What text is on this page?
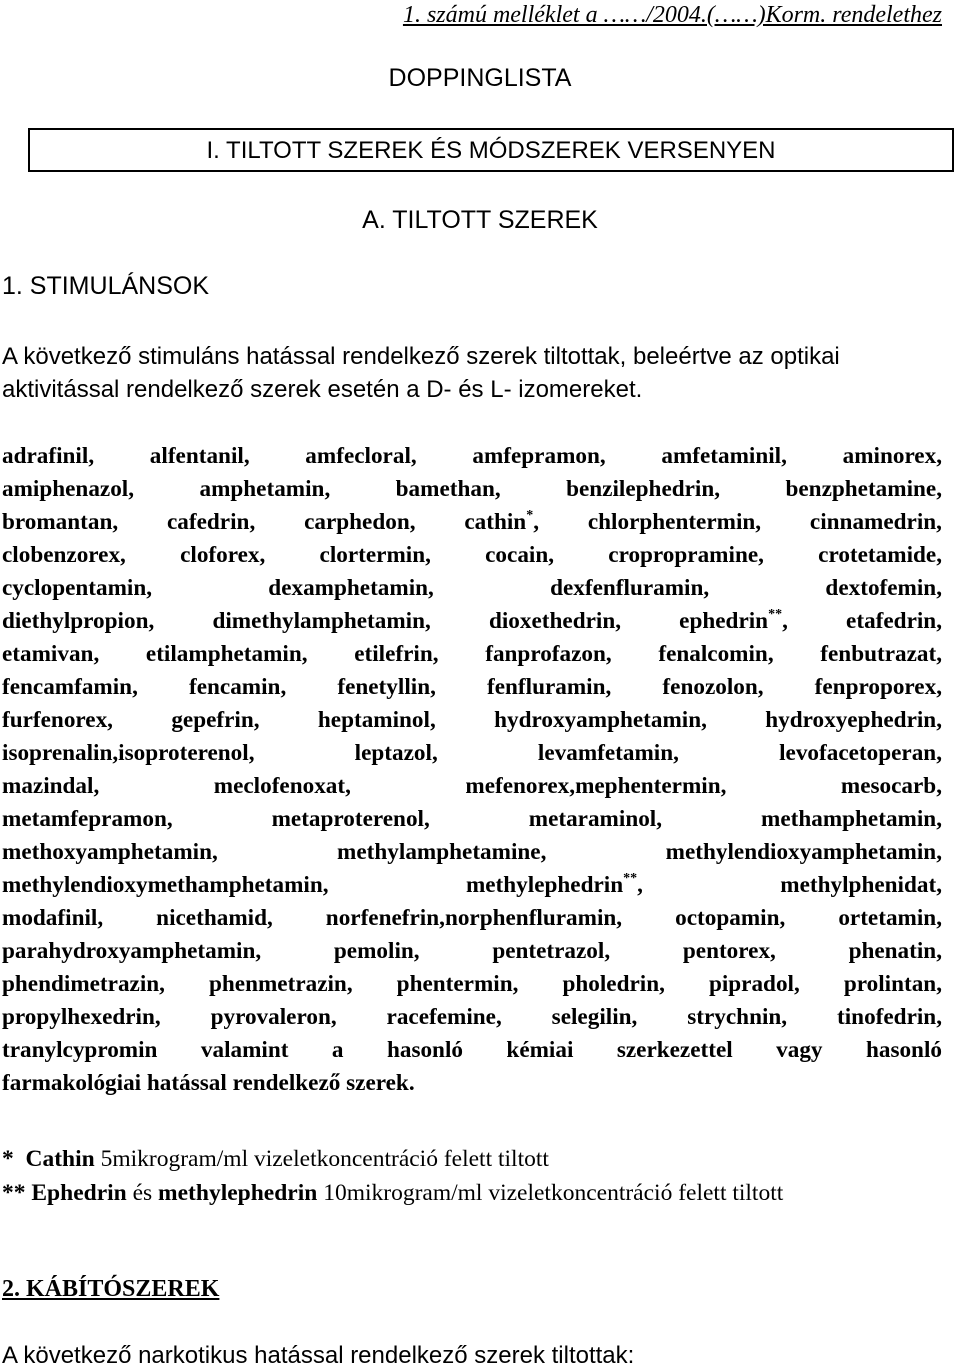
1. számú melléklet a ……/2004.(……)Korm. rendelethez
DOPPINGLISTA
I. TILTOTT SZEREK ÉS MÓDSZEREK VERSENYEN
A. TILTOTT SZEREK
1. STIMULÁNSOK
A következő stimuláns hatással rendelkező szerek tiltottak, beleértve az optikai aktivitással rendelkező szerek esetén a D- és L- izomereket.
adrafinil, alfentanil, amfecloral, amfepramon, amfetaminil, aminorex,
amiphenazol, amphetamin, bamethan, benzilephedrin, benzphetamine,
bromantan, cafedrin, carphedon, cathin*, chlorphentermin, cinnamedrin,
clobenzorex, cloforex, clortermin, cocain, cropropramine, crotetamide,
cyclopentamin, dexamphetamin, dexfenfluramin, dextofemin,
diethylpropion, dimethylamphetamin, dioxethedrin, ephedrin**, etafedrin,
etamivan, etilamphetamin, etilefrin, fanprofazon, fenalcomin, fenbutrazat,
fencamfamin, fencamin, fenetyllin, fenfluramin, fenozolon, fenproporex,
furfenorex, gepefrin, heptaminol, hydroxyamphetamin, hydroxyephedrin,
isoprenalin,isoproterenol, leptazol, levamfetamin, levofacetoperan,
mazindal, meclofenoxat, mefenorex,mephentermin, mesocarb,
metamfepramon, metaproterenol, metaraminol, methamphetamin,
methoxyamphetamin, methylamphetamine, methylendioxyamphetamin,
methylendioxymethamphetamin, methylephedrin**, methylphenidat,
modafinil, nicethamid, norfenefrin,norphenfluramin, octopamin, ortetamin,
parahydroxyamphetamin, pemolin, pentetrazol, pentorex, phenatin,
phendimetrazin, phenmetrazin, phentermin, pholedrin, pipradol, prolintan,
propylhexedrin, pyrovaleron, racefemine, selegilin, strychnin, tinofedrin,
tranylcypromin valamint a hasonló kémiai szerkezettel vagy hasonló
farmakológiai hatással rendelkező szerek.
* Cathin 5mikrogram/ml vizeletkoncentráció felett tiltott
** Ephedrin és methylephedrin 10mikrogram/ml vizeletkoncentráció felett tiltott
2. KÁBÍTÓSZEREK
A következő narkotikus hatással rendelkező szerek tiltottak:
